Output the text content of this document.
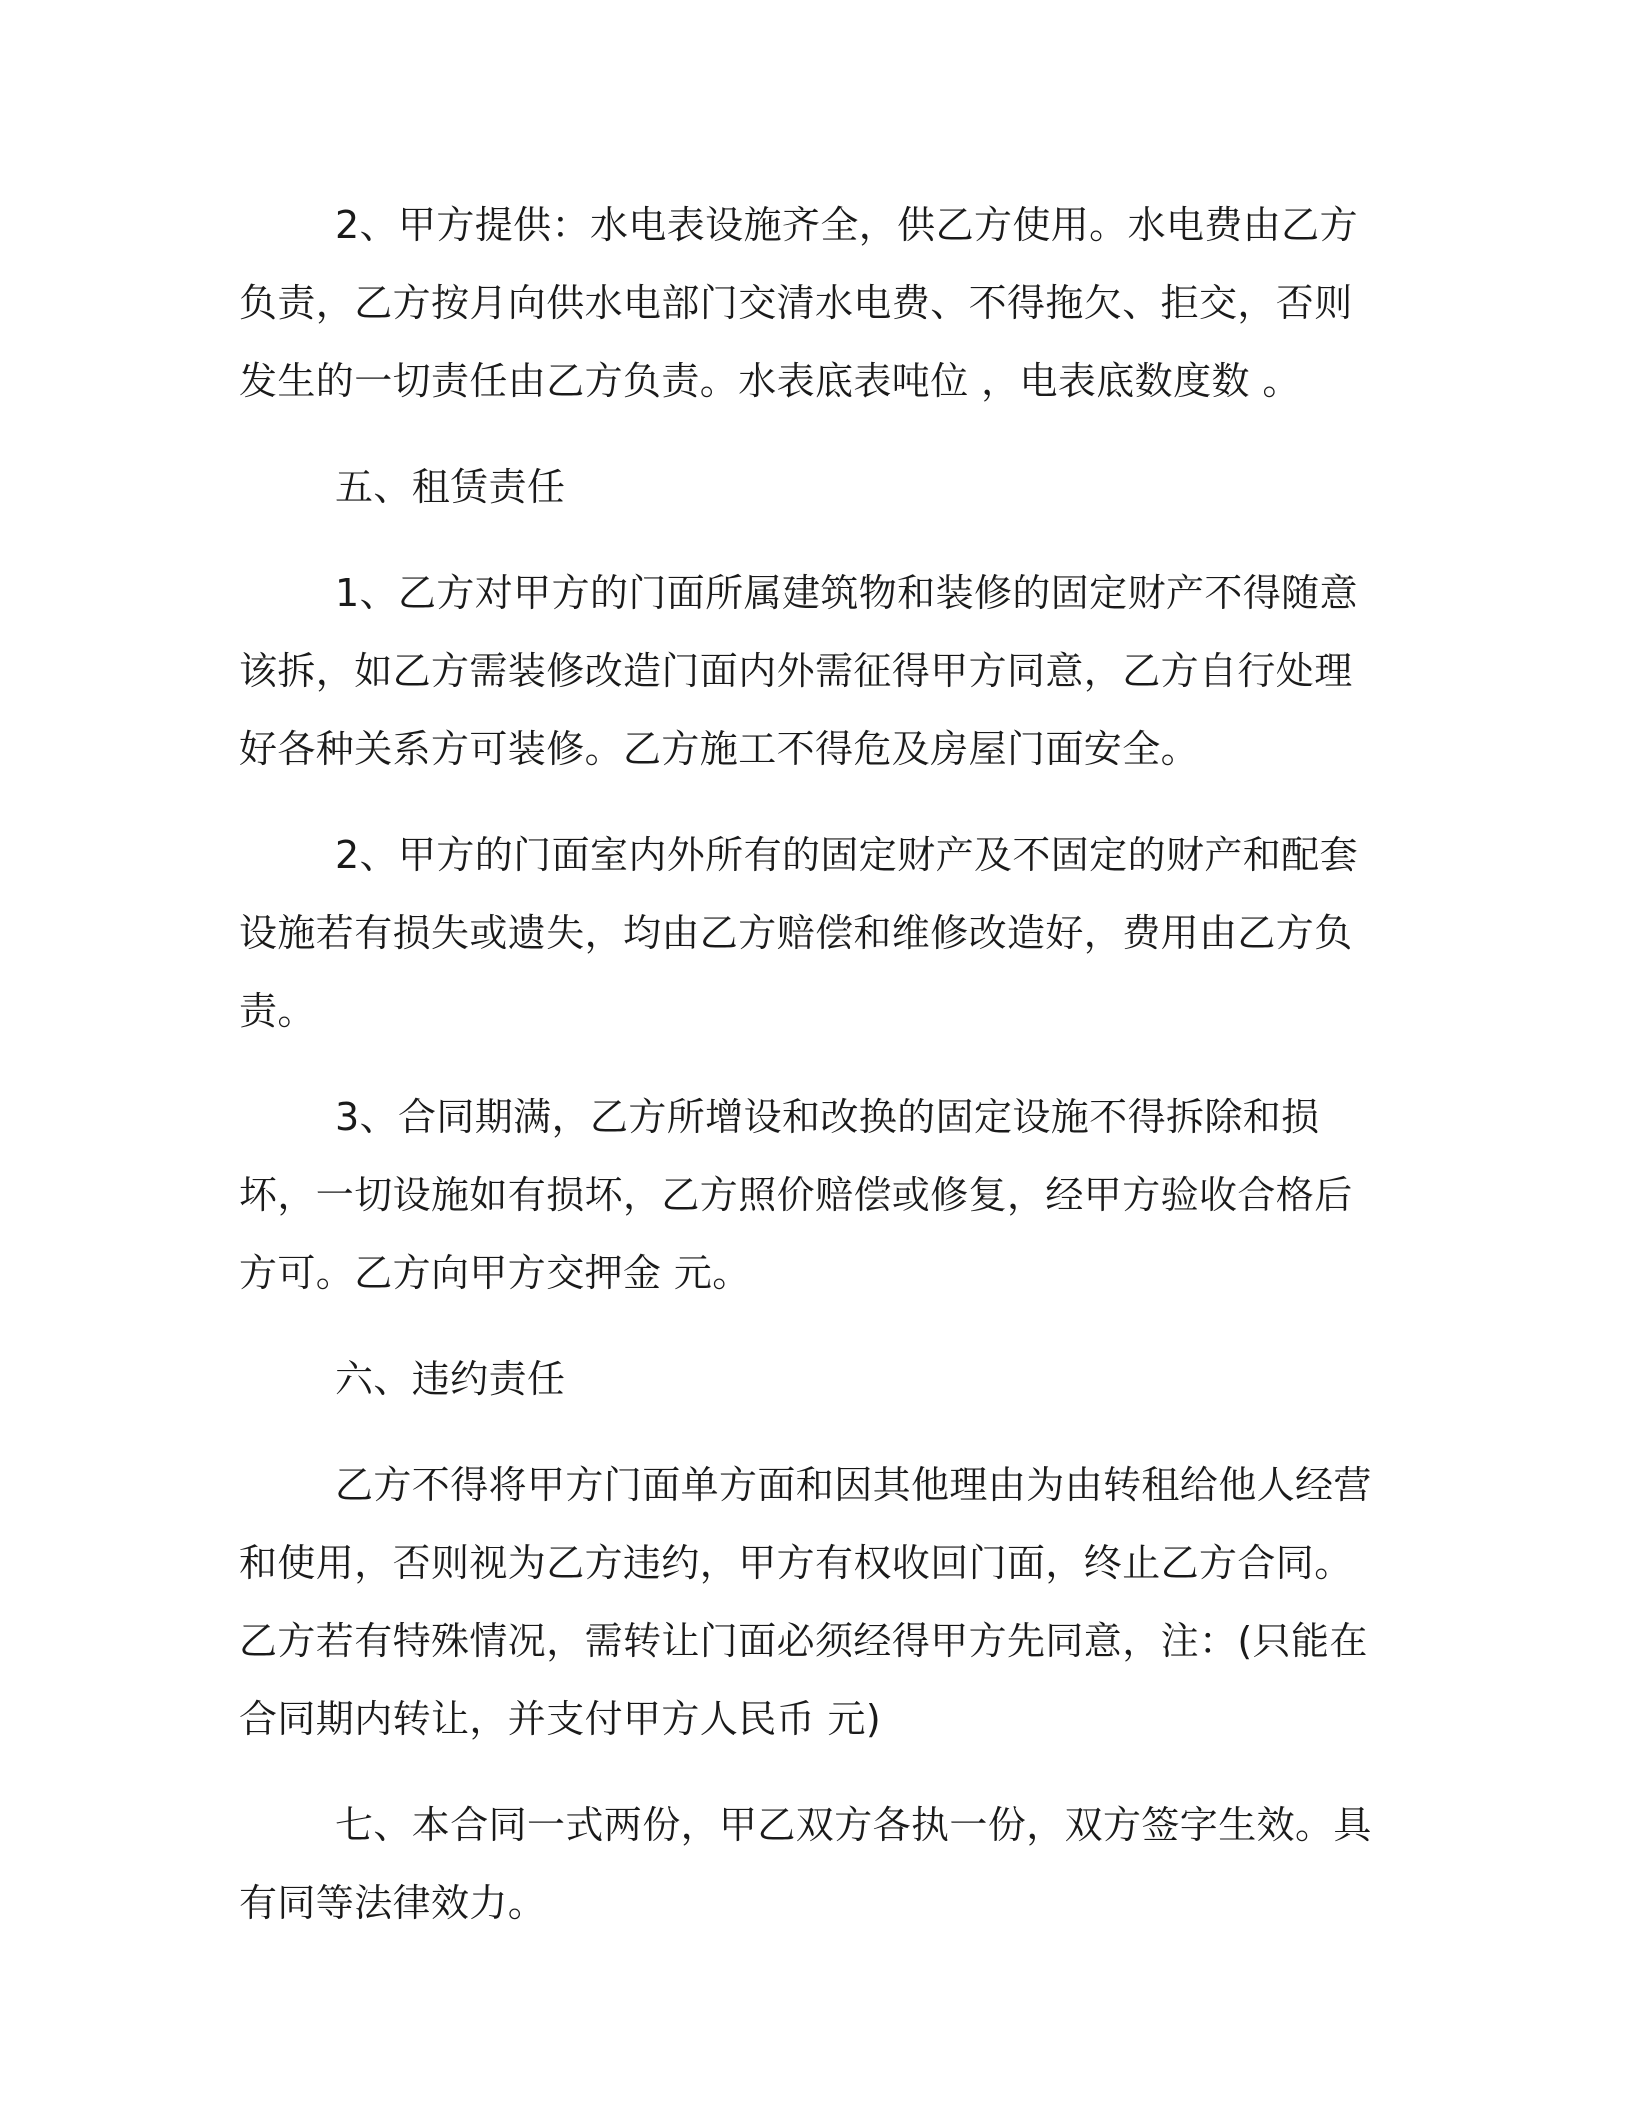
2、甲方提供：水电表设施齐全，供乙方使用。水电费由乙方负责，乙方按月向供水电部门交清水电费、不得拖欠、拒交，否则发生的一切责任由乙方负责。水表底表吨位 ，电表底数度数 。

五、租赁责任

1、乙方对甲方的门面所属建筑物和装修的固定财产不得随意该拆，如乙方需装修改造门面内外需征得甲方同意，乙方自行处理好各种关系方可装修。乙方施工不得危及房屋门面安全。

2、甲方的门面室内外所有的固定财产及不固定的财产和配套设施若有损失或遗失，均由乙方赔偿和维修改造好，费用由乙方负责。

3、合同期满，乙方所增设和改换的固定设施不得拆除和损坏，一切设施如有损坏，乙方照价赔偿或修复，经甲方验收合格后方可。乙方向甲方交押金 元。

六、违约责任

乙方不得将甲方门面单方面和因其他理由为由转租给他人经营和使用，否则视为乙方违约，甲方有权收回门面，终止乙方合同。乙方若有特殊情况，需转让门面必须经得甲方先同意，注：(只能在合同期内转让，并支付甲方人民币 元)

七、本合同一式两份，甲乙双方各执一份，双方签字生效。具有同等法律效力。
